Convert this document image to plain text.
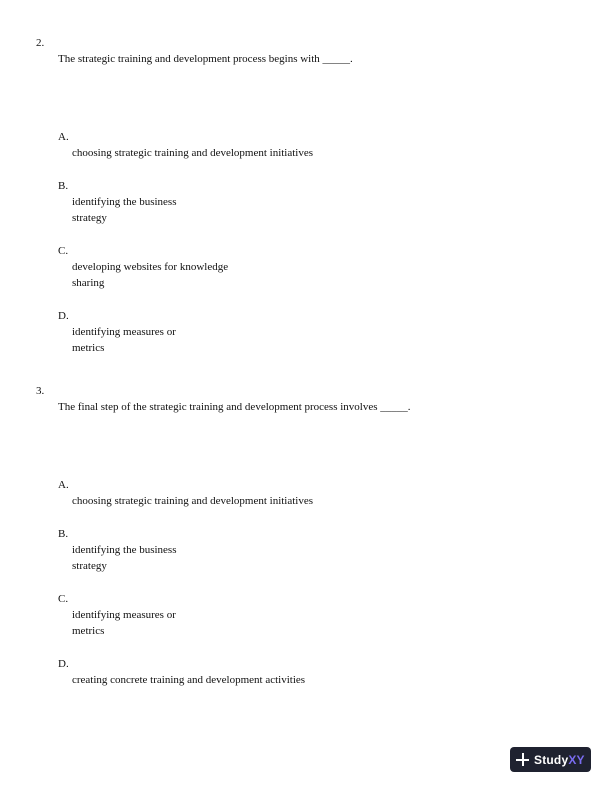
2.
The strategic training and development process begins with _____.
A.
choosing strategic training and development initiatives
B.
identifying the business
strategy
C.
developing websites for knowledge
sharing
D.
identifying measures or
metrics
3.
The final step of the strategic training and development process involves _____.
A.
choosing strategic training and development initiatives
B.
identifying the business
strategy
C.
identifying measures or
metrics
D.
creating concrete training and development activities
StudyXY
